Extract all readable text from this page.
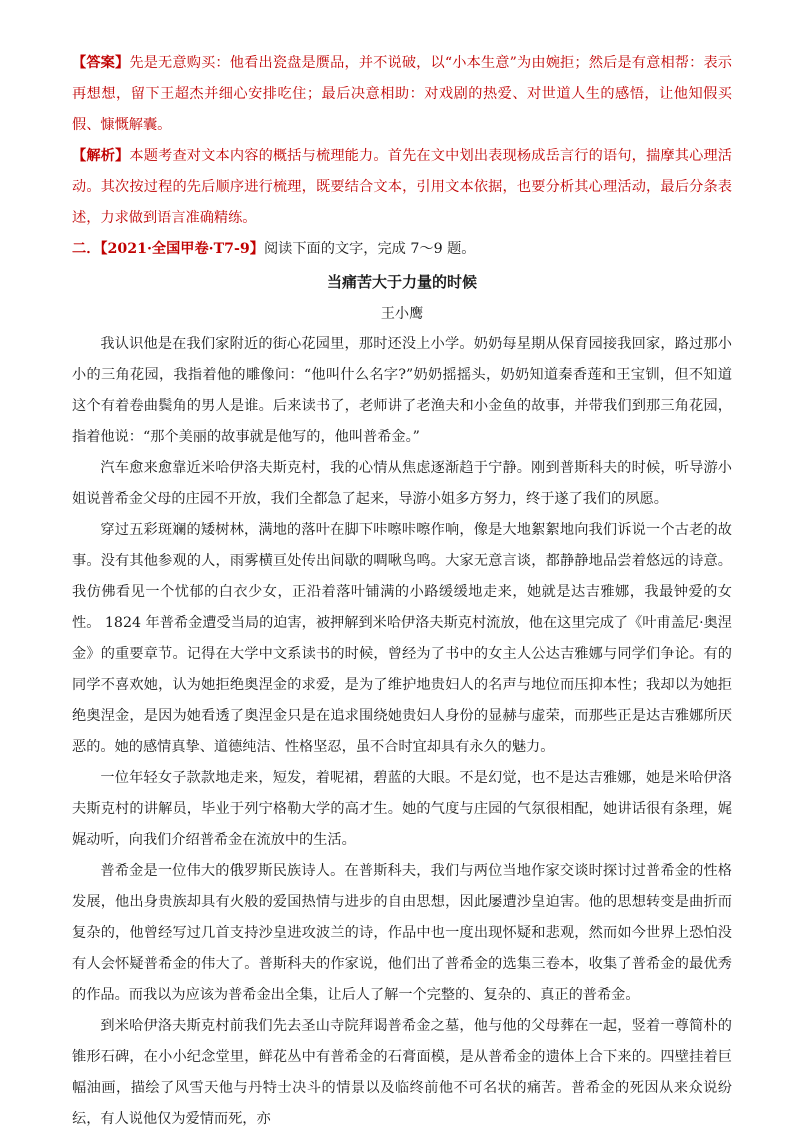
【答案】先是无意购买：他看出瓷盘是赝品，并不说破，以“小本生意”为由婉拒；然后是有意相帮：表示再想想，留下王超杰并细心安排吃住；最后决意相助：对戏剧的热爱、对世道人生的感悟，让他知假买假、慷慨解囊。

【解析】本题考查对文本内容的概括与梳理能力。首先在文中划出表现杨成岳言行的语句，揣摩其心理活动。其次按过程的先后顺序进行梳理，既要结合文本，引用文本依据，也要分析其心理活动，最后分条表述，力求做到语言准确精练。

二．【2021·全国甲卷·T7-9】阅读下面的文字，完成 7～9 题。

当痛苦大于力量的时候

王小鹰

我认识他是在我们家附近的街心花园里，那时还没上小学。奶奶每星期从保育园接我回家，路过那小小的三角花园，我指着他的雕像问：“他叫什么名字?”奶奶摇摇头，奶奶知道秦香莲和王宝钏，但不知道这个有着卷曲鬓角的男人是谁。后来读书了，老师讲了老渔夫和小金鱼的故事，并带我们到那三角花园，指着他说：“那个美丽的故事就是他写的，他叫普希金。”

汽车愈来愈靠近米哈伊洛夫斯克村，我的心情从焦虑逐渐趋于宁静。刚到普斯科夫的时候，听导游小姐说普希金父母的庄园不开放，我们全都急了起来，导游小姐多方努力，终于遂了我们的夙愿。

穿过五彩斑斓的矮树林，满地的落叶在脚下咔嚓咔嚓作响，像是大地絮絮地向我们诉说一个古老的故事。没有其他参观的人，雨雾横亘处传出间歇的啁啾鸟鸣。大家无意言谈，都静静地品尝着悠远的诗意。我仿佛看见一个忧郁的白衣少女，正沿着落叶铺满的小路缓缓地走来，她就是达吉雅娜，我最钟爱的女性。 1824 年普希金遭受当局的迫害，被押解到米哈伊洛夫斯克村流放，他在这里完成了《叶甫盖尼·奥涅金》的重要章节。记得在大学中文系读书的时候，曾经为了书中的女主人公达吉雅娜与同学们争论。有的同学不喜欢她，认为她拒绝奥涅金的求爱，是为了维护地贵妇人的名声与地位而压抑本性；我却以为她拒绝奥涅金，是因为她看透了奥涅金只是在追求围绕她贵妇人身份的显赫与虚荣，而那些正是达吉雅娜所厌恶的。她的感情真挚、道德纯洁、性格坚忍，虽不合时宜却具有永久的魅力。

一位年轻女子款款地走来，短发，着呢裙，碧蓝的大眼。不是幻觉，也不是达吉雅娜，她是米哈伊洛夫斯克村的讲解员，毕业于列宁格勒大学的高才生。她的气度与庄园的气氛很相配，她讲话很有条理，娓娓动听，向我们介绍普希金在流放中的生活。

普希金是一位伟大的俄罗斯民族诗人。在普斯科夫，我们与两位当地作家交谈时探讨过普希金的性格发展，他出身贵族却具有火般的爱国热情与进步的自由思想，因此屡遭沙皇迫害。他的思想转变是曲折而复杂的，他曾经写过几首支持沙皇进攻波兰的诗，作品中也一度出现怀疑和悲观，然而如今世界上恐怕没有人会怀疑普希金的伟大了。普斯科夫的作家说，他们出了普希金的选集三卷本，收集了普希金的最优秀的作品。而我以为应该为普希金出全集，让后人了解一个完整的、复杂的、真正的普希金。

到米哈伊洛夫斯克村前我们先去圣山寺院拜谒普希金之墓，他与他的父母葬在一起，竖着一尊简朴的锥形石碑，在小小纪念堂里，鲜花丛中有普希金的石膏面模，是从普希金的遗体上合下来的。四壁挂着巨幅油画，描绘了风雪天他与丹特士决斗的情景以及临终前他不可名状的痛苦。普希金的死因从来众说纷纭，有人说他仅为爱情而死，亦
